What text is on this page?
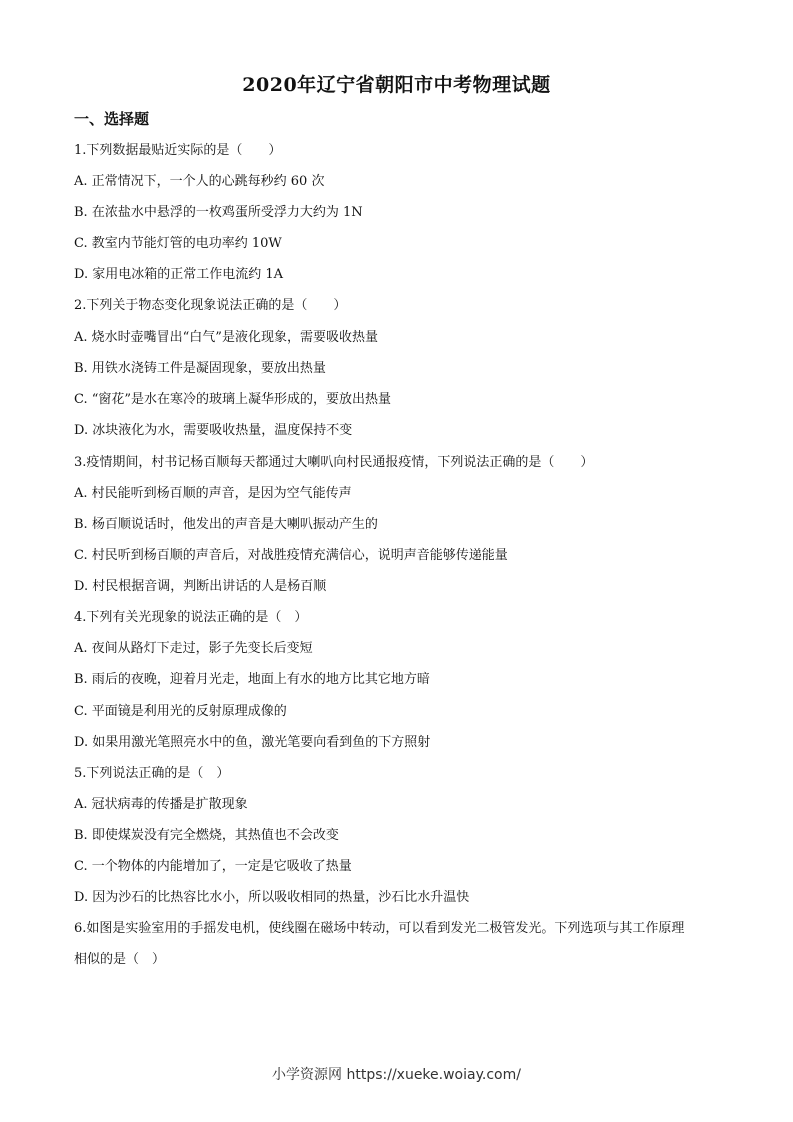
2020年辽宁省朝阳市中考物理试题
一、选择题
1.下列数据最贴近实际的是（　　）
A. 正常情况下，一个人的心跳每秒约 60 次
B. 在浓盐水中悬浮的一枚鸡蛋所受浮力大约为 1N
C. 教室内节能灯管的电功率约 10W
D. 家用电冰箱的正常工作电流约 1A
2.下列关于物态变化现象说法正确的是（　　）
A. 烧水时壶嘴冒出“白气”是液化现象，需要吸收热量
B. 用铁水浇铸工件是凝固现象，要放出热量
C. “窗花”是水在寒冷的玻璃上凝华形成的，要放出热量
D. 冰块液化为水，需要吸收热量，温度保持不变
3.疫情期间，村书记杨百顺每天都通过大喇叭向村民通报疫情，下列说法正确的是（　　）
A. 村民能听到杨百顺的声音，是因为空气能传声
B. 杨百顺说话时，他发出的声音是大喇叭振动产生的
C. 村民听到杨百顺的声音后，对战胜疫情充满信心，说明声音能够传递能量
D. 村民根据音调，判断出讲话的人是杨百顺
4.下列有关光现象的说法正确的是（　）
A. 夜间从路灯下走过，影子先变长后变短
B. 雨后的夜晚，迎着月光走，地面上有水的地方比其它地方暗
C. 平面镜是利用光的反射原理成像的
D. 如果用激光笔照亮水中的鱼，激光笔要向看到鱼的下方照射
5.下列说法正确的是（　）
A. 冠状病毒的传播是扩散现象
B. 即使煤炭没有完全燃烧，其热值也不会改变
C. 一个物体的内能增加了，一定是它吸收了热量
D. 因为沙石的比热容比水小，所以吸收相同的热量，沙石比水升温快
6.如图是实验室用的手摇发电机，使线圈在磁场中转动，可以看到发光二极管发光。下列选项与其工作原理
相似的是（　）
小学资源网 https://xueke.woiay.com/
